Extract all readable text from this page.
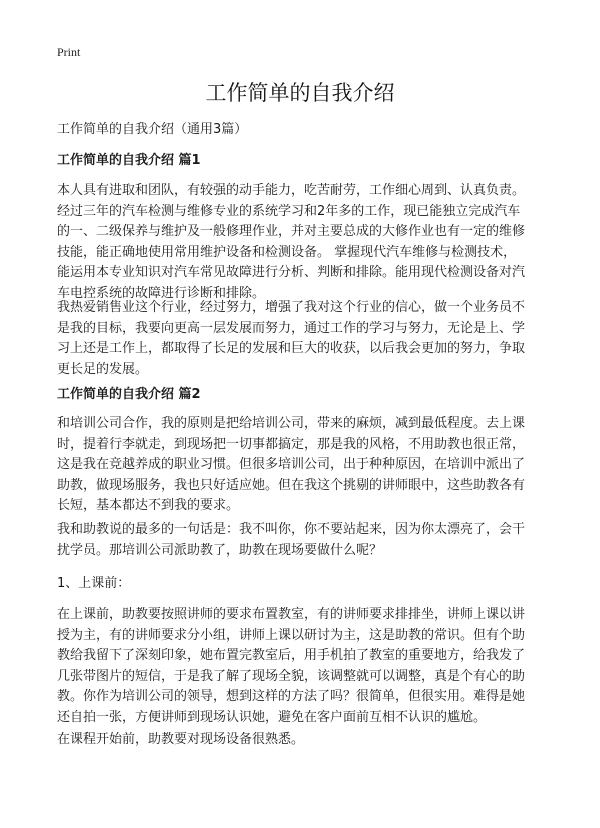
Print
工作简单的自我介绍
工作简单的自我介绍（通用3篇）
工作简单的自我介绍 篇1
本人具有进取和团队，有较强的动手能力，吃苦耐劳，工作细心周到、认真负责。
经过三年的汽车检测与维修专业的系统学习和2年多的工作，现已能独立完成汽车
的一、二级保养与维护及一般修理作业，并对主要总成的大修作业也有一定的维修
技能，能正确地使用常用维护设备和检测设备。 掌握现代汽车维修与检测技术，
能运用本专业知识对汽车常见故障进行分析、判断和排除。能用现代检测设备对汽
车电控系统的故障进行诊断和排除。
我热爱销售业这个行业，经过努力，增强了我对这个行业的信心，做一个业务员不
是我的目标，我要向更高一层发展而努力，通过工作的学习与努力，无论是上、学
习上还是工作上，都取得了长足的发展和巨大的收获，以后我会更加的努力，争取
更长足的发展。
工作简单的自我介绍 篇2
和培训公司合作，我的原则是把给培训公司，带来的麻烦，减到最低程度。去上课
时，提着行李就走，到现场把一切事都搞定，那是我的风格，不用助教也很正常，
这是我在竞越养成的职业习惯。但很多培训公司，出于种种原因，在培训中派出了
助教，做现场服务，我也只好适应她。但在我这个挑剔的讲师眼中，这些助教各有
长短，基本都达不到我的要求。
我和助教说的最多的一句话是：我不叫你，你不要站起来，因为你太漂亮了，会干
扰学员。那培训公司派助教了，助教在现场要做什么呢？
1、上课前：
在上课前，助教要按照讲师的要求布置教室，有的讲师要求排排坐，讲师上课以讲
授为主，有的讲师要求分小组，讲师上课以研讨为主，这是助教的常识。但有个助
教给我留下了深刻印象，她布置完教室后，用手机拍了教室的重要地方，给我发了
几张带图片的短信，于是我了解了现场全貌，该调整就可以调整，真是个有心的助
教。你作为培训公司的领导，想到这样的方法了吗？很简单，但很实用。难得是她
还自拍一张，方便讲师到现场认识她，避免在客户面前互相不认识的尴尬。
在课程开始前，助教要对现场设备很熟悉。
